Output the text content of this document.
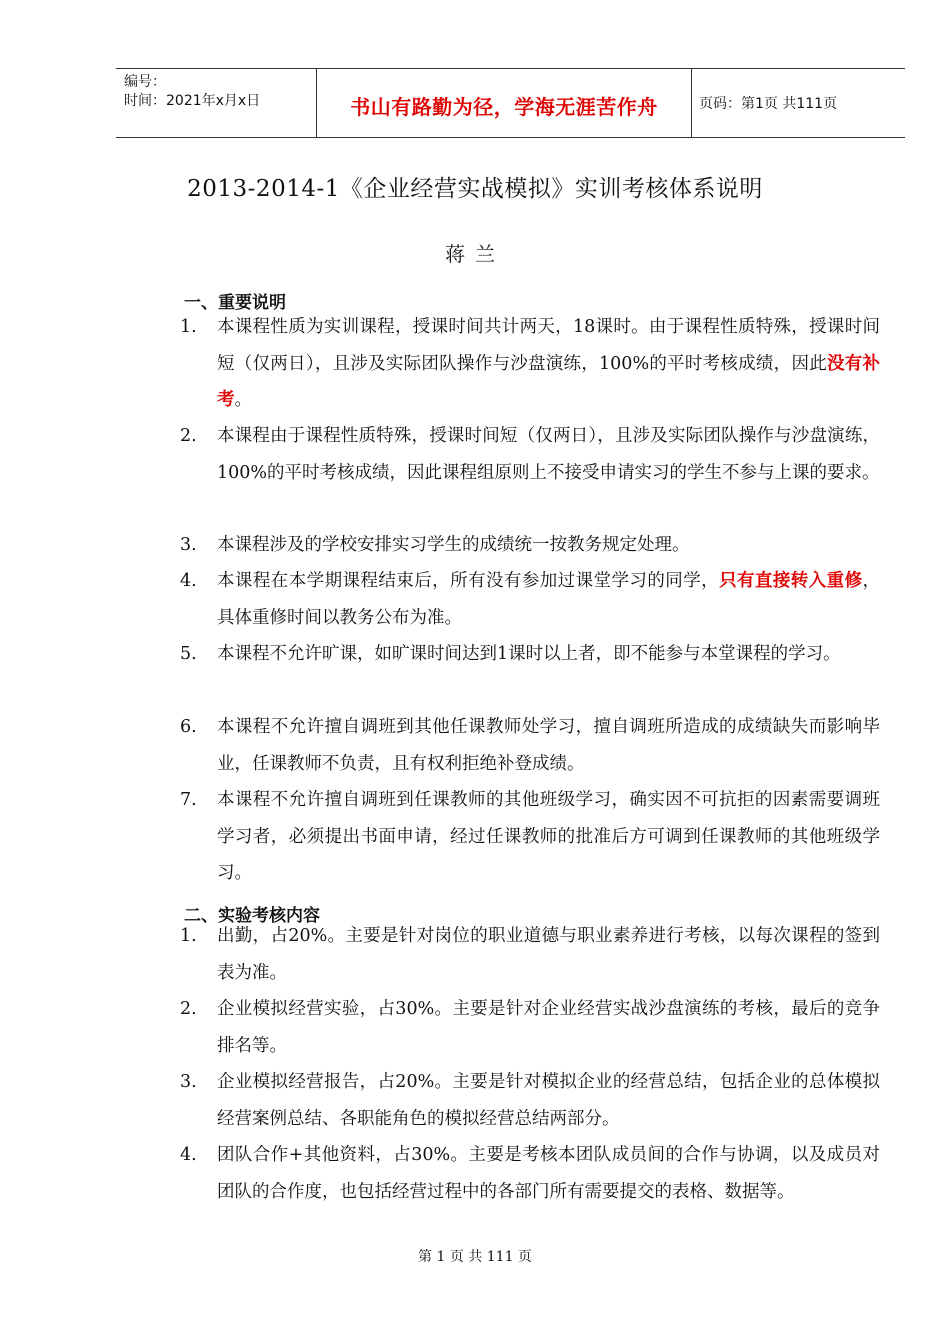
编号：
时间：2021年x月x日	书山有路勤为径，学海无涯苦作舟	页码：第1页 共111页
2013-2014-1《企业经营实战模拟》实训考核体系说明
蒋兰
一、重要说明
1.	本课程性质为实训课程，授课时间共计两天，18课时。由于课程性质特殊，授课时间短（仅两日），且涉及实际团队操作与沙盘演练，100%的平时考核成绩，因此没有补考。
2.	本课程由于课程性质特殊，授课时间短（仅两日），且涉及实际团队操作与沙盘演练，100%的平时考核成绩，因此课程组原则上不接受申请实习的学生不参与上课的要求。
3.	本课程涉及的学校安排实习学生的成绩统一按教务规定处理。
4.	本课程在本学期课程结束后，所有没有参加过课堂学习的同学，只有直接转入重修，具体重修时间以教务公布为准。
5.	本课程不允许旷课，如旷课时间达到1课时以上者，即不能参与本堂课程的学习。
6.	本课程不允许擅自调班到其他任课教师处学习，擅自调班所造成的成绩缺失而影响毕业，任课教师不负责，且有权利拒绝补登成绩。
7.	本课程不允许擅自调班到任课教师的其他班级学习，确实因不可抗拒的因素需要调班学习者，必须提出书面申请，经过任课教师的批准后方可调到任课教师的其他班级学习。
二、实验考核内容
1.	出勤，占20%。主要是针对岗位的职业道德与职业素养进行考核，以每次课程的签到表为准。
2.	企业模拟经营实验，占30%。主要是针对企业经营实战沙盘演练的考核，最后的竞争排名等。
3.	企业模拟经营报告，占20%。主要是针对模拟企业的经营总结，包括企业的总体模拟经营案例总结、各职能角色的模拟经营总结两部分。
4.	团队合作+其他资料，占30%。主要是考核本团队成员间的合作与协调，以及成员对团队的合作度，也包括经营过程中的各部门所有需要提交的表格、数据等。
第 1 页 共 111 页
